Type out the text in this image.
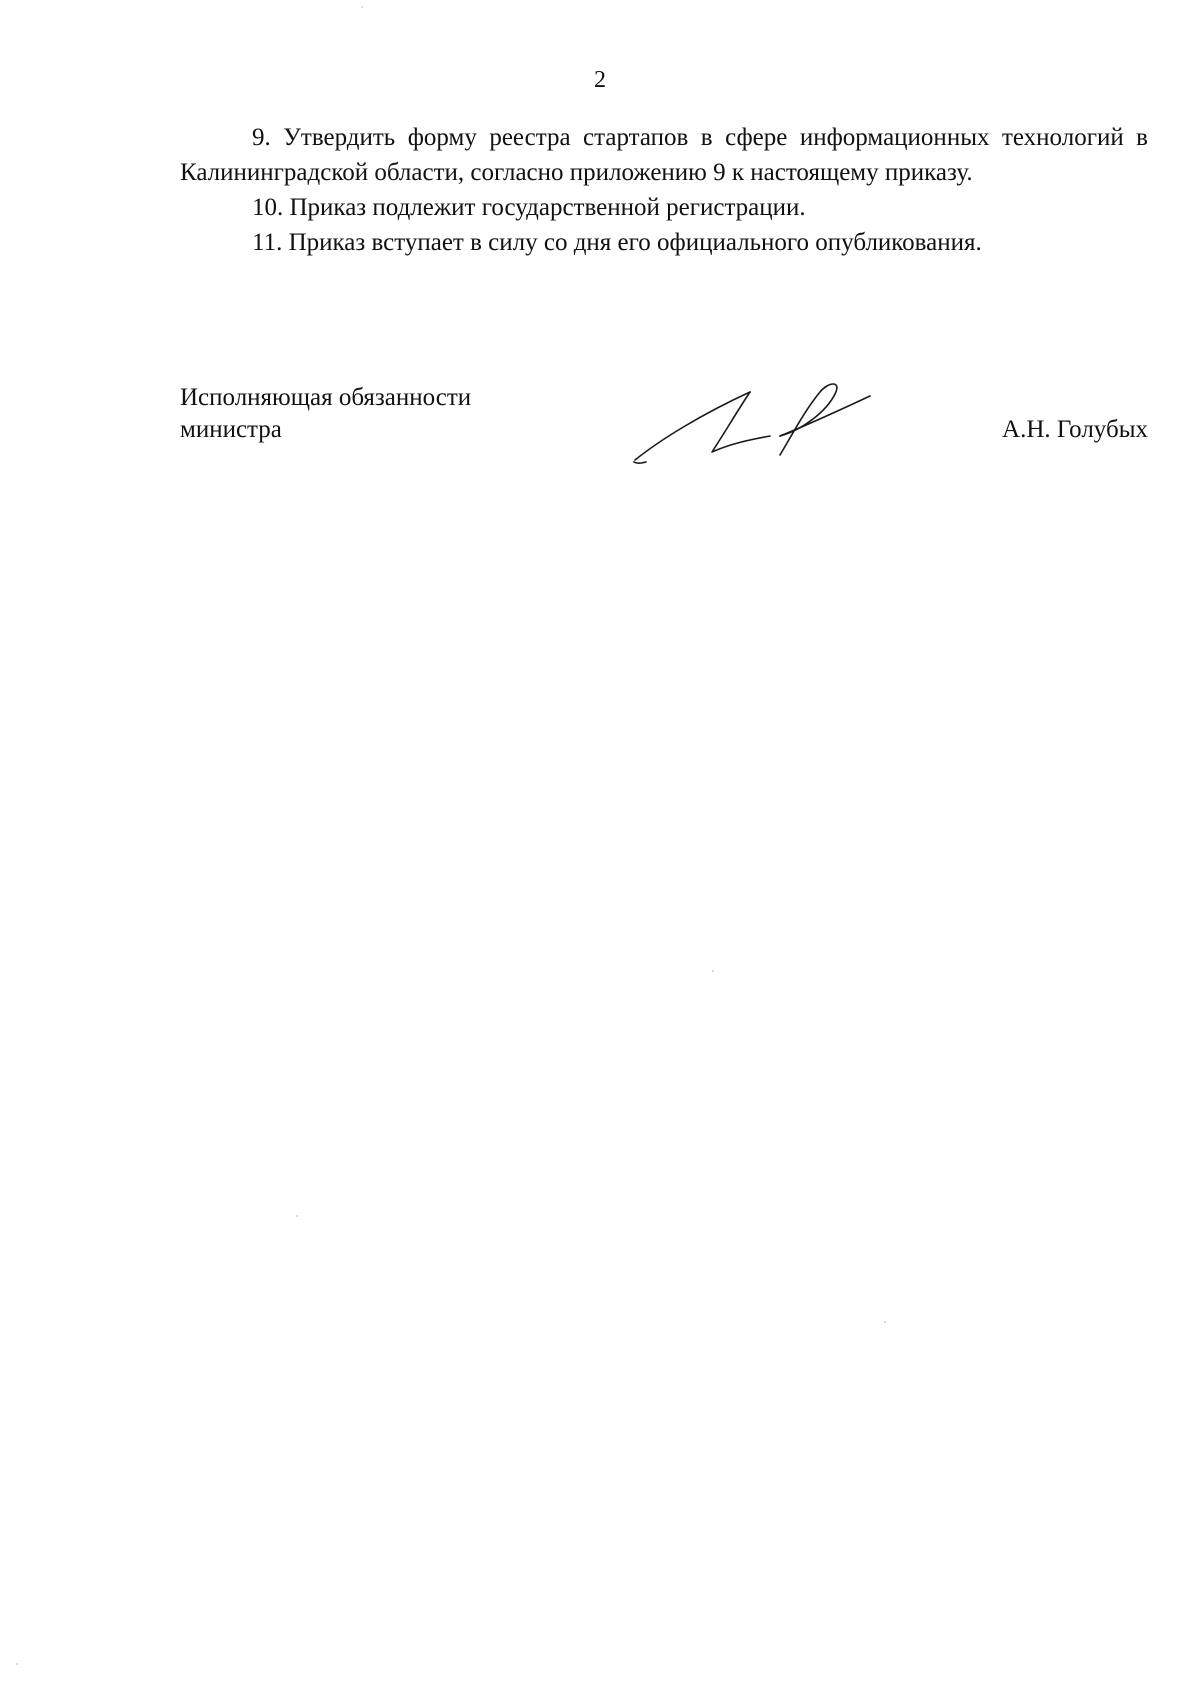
2

9. Утвердить форму реестра стартапов в сфере информационных технологий в Калининградской области, согласно приложению 9 к настоящему приказу.

10. Приказ подлежит государственной регистрации.

11. Приказ вступает в силу со дня его официального опубликования.

Исполняющая обязанности
министра	А.Н. Голубых
